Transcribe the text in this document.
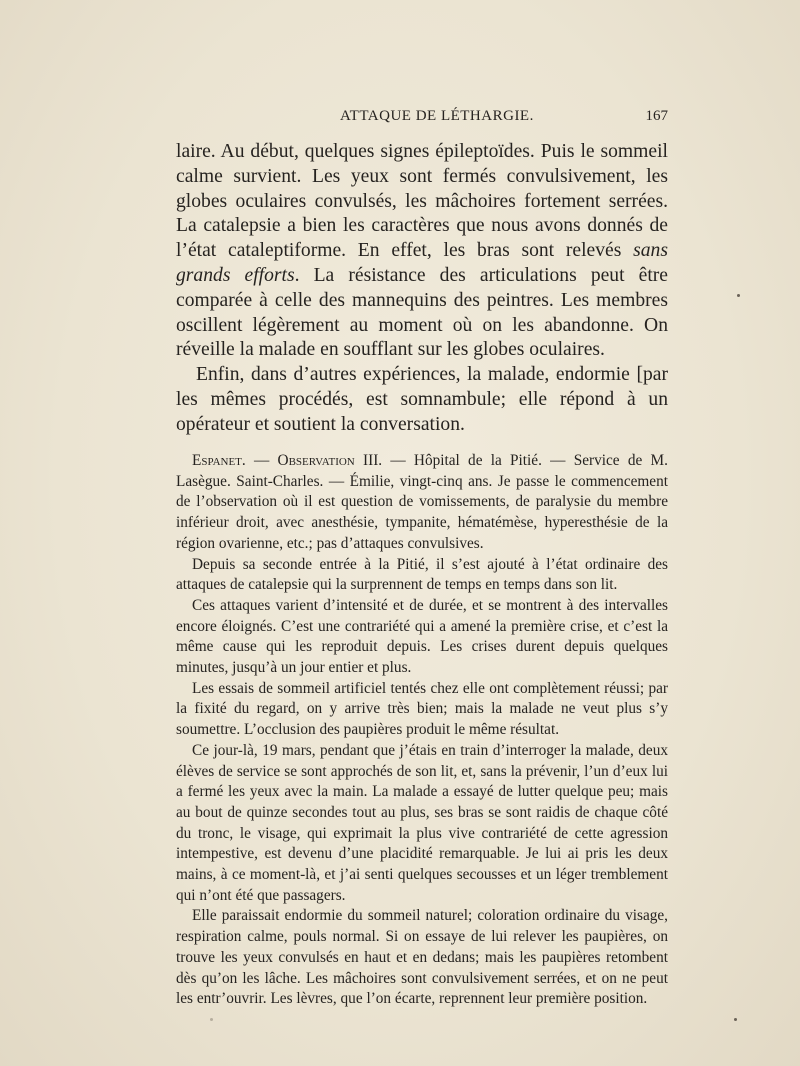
ATTAQUE DE LÉTHARGIE.	167

laire. Au début, quelques signes épileptoïdes. Puis le sommeil calme survient. Les yeux sont fermés convulsivement, les globes oculaires convulsés, les mâchoires fortement serrées. La catalepsie a bien les caractères que nous avons donnés de l’état cataleptiforme. En effet, les bras sont relevés sans grands efforts. La résistance des articulations peut être comparée à celle des mannequins des peintres. Les membres oscillent légèrement au moment où on les abandonne. On réveille la malade en soufflant sur les globes oculaires.

Enfin, dans d’autres expériences, la malade, endormie [par les mêmes procédés, est somnambule; elle répond à un opérateur et soutient la conversation.

Espanet. — Observation III. — Hôpital de la Pitié. — Service de M. Lasègue. Saint-Charles. — Émilie, vingt-cinq ans. Je passe le commencement de l’observation où il est question de vomissements, de paralysie du membre inférieur droit, avec anesthésie, tympanite, hématémèse, hyperesthésie de la région ovarienne, etc.; pas d’attaques convulsives.

Depuis sa seconde entrée à la Pitié, il s’est ajouté à l’état ordinaire des attaques de catalepsie qui la surprennent de temps en temps dans son lit.

Ces attaques varient d’intensité et de durée, et se montrent à des intervalles encore éloignés. C’est une contrariété qui a amené la première crise, et c’est la même cause qui les reproduit depuis. Les crises durent depuis quelques minutes, jusqu’à un jour entier et plus.

Les essais de sommeil artificiel tentés chez elle ont complètement réussi; par la fixité du regard, on y arrive très bien; mais la malade ne veut plus s’y soumettre. L’occlusion des paupières produit le même résultat.

Ce jour-là, 19 mars, pendant que j’étais en train d’interroger la malade, deux élèves de service se sont approchés de son lit, et, sans la prévenir, l’un d’eux lui a fermé les yeux avec la main. La malade a essayé de lutter quelque peu; mais au bout de quinze secondes tout au plus, ses bras se sont raidis de chaque côté du tronc, le visage, qui exprimait la plus vive contrariété de cette agression intempestive, est devenu d’une placidité remarquable. Je lui ai pris les deux mains, à ce moment-là, et j’ai senti quelques secousses et un léger tremblement qui n’ont été que passagers.

Elle paraissait endormie du sommeil naturel; coloration ordinaire du visage, respiration calme, pouls normal. Si on essaye de lui relever les paupières, on trouve les yeux convulsés en haut et en dedans; mais les paupières retombent dès qu’on les lâche. Les mâchoires sont convulsivement serrées, et on ne peut les entr’ouvrir. Les lèvres, que l’on écarte, reprennent leur première position.
